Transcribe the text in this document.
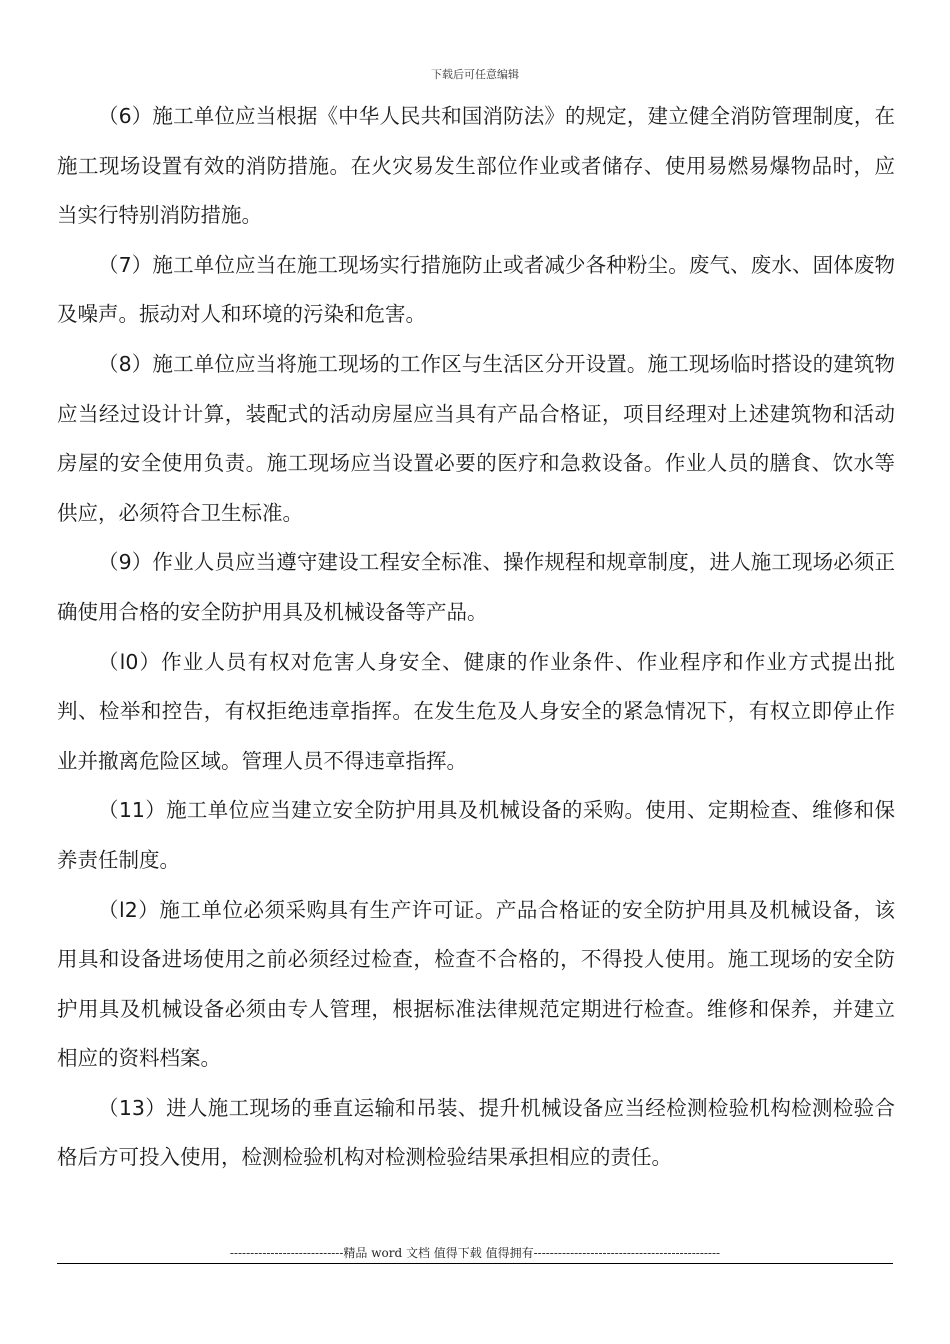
下载后可任意编辑

（6）施工单位应当根据《中华人民共和国消防法》的规定，建立健全消防管理制度，在施工现场设置有效的消防措施。在火灾易发生部位作业或者储存、使用易燃易爆物品时，应当实行特别消防措施。

（7）施工单位应当在施工现场实行措施防止或者减少各种粉尘。废气、废水、固体废物及噪声。振动对人和环境的污染和危害。

（8）施工单位应当将施工现场的工作区与生活区分开设置。施工现场临时搭设的建筑物应当经过设计计算，装配式的活动房屋应当具有产品合格证，项目经理对上述建筑物和活动房屋的安全使用负责。施工现场应当设置必要的医疗和急救设备。作业人员的膳食、饮水等供应，必须符合卫生标准。

（9）作业人员应当遵守建设工程安全标准、操作规程和规章制度，进人施工现场必须正确使用合格的安全防护用具及机械设备等产品。

（l0）作业人员有权对危害人身安全、健康的作业条件、作业程序和作业方式提出批判、检举和控告，有权拒绝违章指挥。在发生危及人身安全的紧急情况下，有权立即停止作业并撤离危险区域。管理人员不得违章指挥。

（11）施工单位应当建立安全防护用具及机械设备的采购。使用、定期检查、维修和保养责任制度。

（l2）施工单位必须采购具有生产许可证。产品合格证的安全防护用具及机械设备，该用具和设备进场使用之前必须经过检查，检查不合格的，不得投人使用。施工现场的安全防护用具及机械设备必须由专人管理，根据标准法律规范定期进行检查。维修和保养，并建立相应的资料档案。

（13）进人施工现场的垂直运输和吊装、提升机械设备应当经检测检验机构检测检验合格后方可投入使用，检测检验机构对检测检验结果承担相应的责任。

----------------------------精品 word 文档 值得下载 值得拥有----------------------------------------------
